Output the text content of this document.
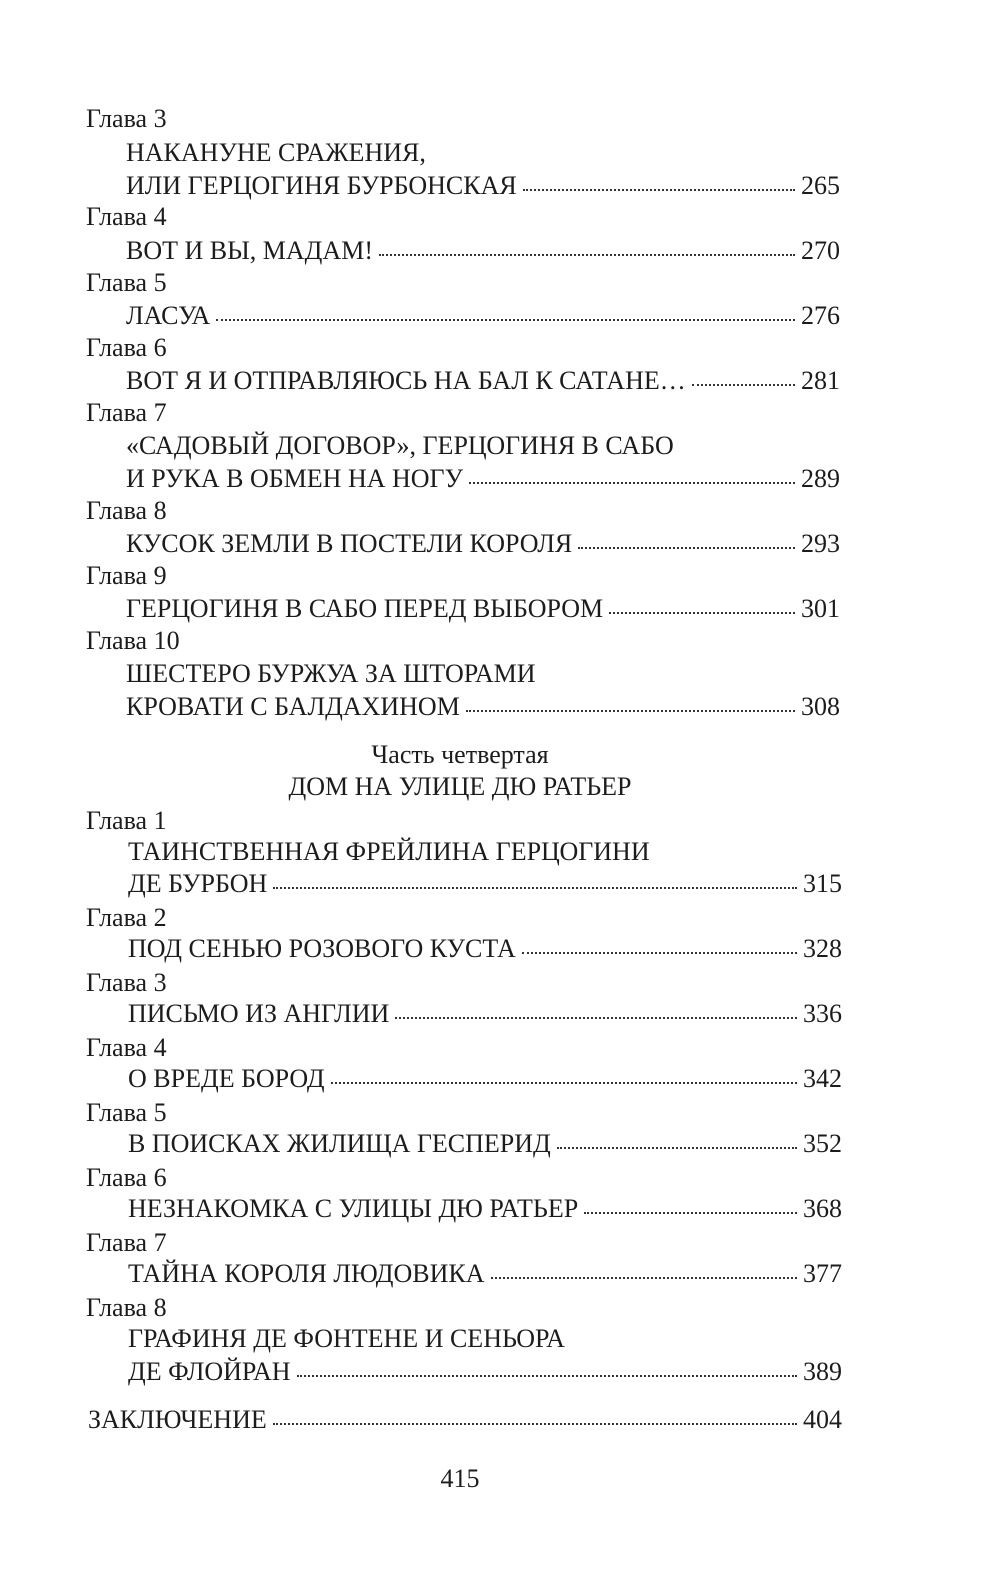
Глава 3
НАКАНУНЕ СРАЖЕНИЯ,
ИЛИ ГЕРЦОГИНЯ БУРБОНСКАЯ	265
Глава 4
ВОТ И ВЫ, МАДАМ!	270
Глава 5
ЛАСУА	276
Глава 6
ВОТ Я И ОТПРАВЛЯЮСЬ НА БАЛ К САТАНЕ…	281
Глава 7
«САДОВЫЙ ДОГОВОР», ГЕРЦОГИНЯ В САБО
И РУКА В ОБМЕН НА НОГУ	289
Глава 8
КУСОК ЗЕМЛИ В ПОСТЕЛИ КОРОЛЯ	293
Глава 9
ГЕРЦОГИНЯ В САБО ПЕРЕД ВЫБОРОМ	301
Глава 10
ШЕСТЕРО БУРЖУА ЗА ШТОРАМИ
КРОВАТИ С БАЛДАХИНОМ	308
Часть четвертая
ДОМ НА УЛИЦЕ ДЮ РАТЬЕР
Глава 1
ТАИНСТВЕННАЯ ФРЕЙЛИНА ГЕРЦОГИНИ
ДЕ БУРБОН	315
Глава 2
ПОД СЕНЬЮ РОЗОВОГО КУСТА	328
Глава 3
ПИСЬМО ИЗ АНГЛИИ	336
Глава 4
О ВРЕДЕ БОРОД	342
Глава 5
В ПОИСКАХ ЖИЛИЩА ГЕСПЕРИД	352
Глава 6
НЕЗНАКОМКА С УЛИЦЫ ДЮ РАТЬЕР	368
Глава 7
ТАЙНА КОРОЛЯ ЛЮДОВИКА	377
Глава 8
ГРАФИНЯ ДЕ ФОНТЕНЕ И СЕНЬОРА
ДЕ ФЛОЙРАН	389
ЗАКЛЮЧЕНИЕ	404
415
